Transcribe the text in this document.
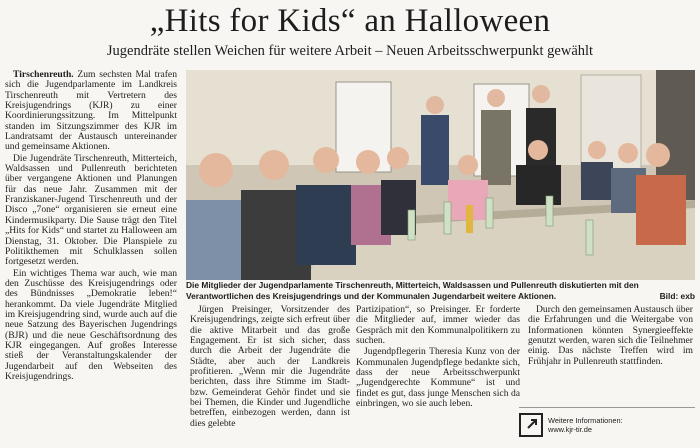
„Hits for Kids“ an Halloween
Jugendräte stellen Weichen für weitere Arbeit – Neuen Arbeitsschwerpunkt gewählt

Tirschenreuth. Zum sechsten Mal trafen sich die Jugendparlamente im Landkreis Tirschenreuth mit Vertretern des Kreisjugendrings (KJR) zu einer Koordinierungssitzung. Im Mittelpunkt standen im Sitzungszimmer des KJR im Landratsamt der Austausch untereinander und gemeinsame Aktionen.

Die Jugendräte Tirschenreuth, Mitterteich, Waldsassen und Pullenreuth berichteten über vergangene Aktionen und Planungen für das neue Jahr. Zusammen mit der Franziskaner-Jugend Tirschenreuth und der Disco „7one“ organisieren sie erneut eine Kindermusikparty. Die Sause trägt den Titel „Hits for Kids“ und startet zu Halloween am Dienstag, 31. Oktober. Die Planspiele zu Politikthemen mit Schulklassen sollen fortgesetzt werden.

Ein wichtiges Thema war auch, wie man den Zuschüsse des Kreisjugendrings oder des Bündnisses „Demokratie leben!“ herankommt. Da viele Jugendräte Mitglied im Kreisjugendring sind, wurde auch auf die neue Satzung des Bayerischen Jugendrings (BJR) und die neue Geschäftsordnung des KJR eingegangen. Auf großes Interesse stieß der Veranstaltungskalender der Jugendarbeit auf den Webseiten des Kreisjugendrings.

Die Mitglieder der Jugendparlamente Tirschenreuth, Mitterteich, Waldsassen und Pullenreuth diskutierten mit den Verantwortlichen des Kreisjugendrings und der Kommunalen Jugendarbeit weitere Aktionen.	Bild: exb

Jürgen Preisinger, Vorsitzender des Kreisjugendrings, zeigte sich erfreut über die aktive Mitarbeit und das große Engagement. Er ist sich sicher, dass durch die Arbeit der Jugendräte die Städte, aber auch der Landkreis profitieren. „Wenn mir die Jugendräte berichten, dass ihre Stimme im Stadt- bzw. Gemeinderat Gehör findet und sie bei Themen, die Kinder und Jugendliche betreffen, einbezogen werden, dann ist dies gelebte

Partizipation“, so Preisinger. Er forderte die Mitglieder auf, immer wieder das Gespräch mit den Kommunalpolitikern zu suchen.

Jugendpflegerin Theresia Kunz von der Kommunalen Jugendpflege bedankte sich, dass der neue Arbeitsschwerpunkt „Jugendgerechte Kommune“ ist und findet es gut, dass junge Menschen sich da einbringen, wo sie auch leben.

Durch den gemeinsamen Austausch über die Erfahrungen und die Weitergabe von Informationen könnten Synergieeffekte genutzt werden, waren sich die Teilnehmer einig. Das nächste Treffen wird im Frühjahr in Pullenreuth stattfinden.

Weitere Informationen:
www.kjr-tir.de
